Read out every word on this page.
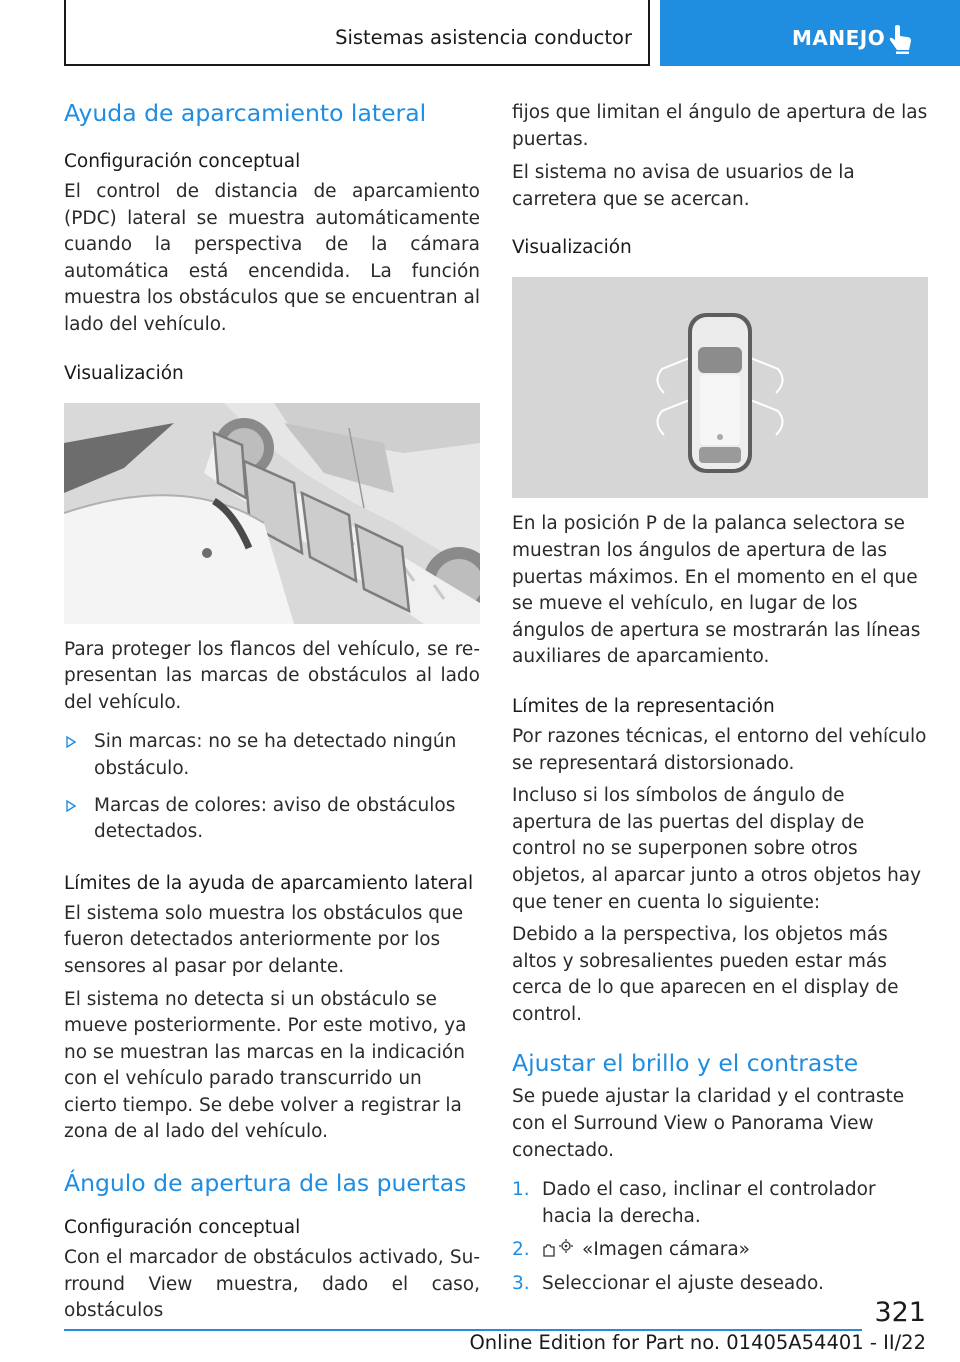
Sistemas asistencia conductor	MANEJO
Ayuda de aparcamiento lateral
Configuración conceptual
El control de distancia de aparcamiento (PDC) lateral se muestra automáticamente cuando la perspectiva de la cámara automática está encendida. La función muestra los obstáculos que se encuentran al lado del vehículo.
Visualización
Para proteger los flancos del vehículo, se representan las marcas de obstáculos al lado del vehículo.
Sin marcas: no se ha detectado ningún obstáculo.
Marcas de colores: aviso de obstáculos detectados.
Límites de la ayuda de aparcamiento lateral
El sistema solo muestra los obstáculos que fueron detectados anteriormente por los sensores al pasar por delante.
El sistema no detecta si un obstáculo se mueve posteriormente. Por este motivo, ya no se muestran las marcas en la indicación con el vehículo parado transcurrido un cierto tiempo. Se debe volver a registrar la zona de al lado del vehículo.
Ángulo de apertura de las puertas
Configuración conceptual
Con el marcador de obstáculos activado, Surround View muestra, dado el caso, obstáculos
fijos que limitan el ángulo de apertura de las puertas.
El sistema no avisa de usuarios de la carretera que se acercan.
Visualización
En la posición P de la palanca selectora se muestran los ángulos de apertura de las puertas máximos. En el momento en el que se mueve el vehículo, en lugar de los ángulos de apertura se mostrarán las líneas auxiliares de aparcamiento.
Límites de la representación
Por razones técnicas, el entorno del vehículo se representará distorsionado.
Incluso si los símbolos de ángulo de apertura de las puertas del display de control no se superponen sobre otros objetos, al aparcar junto a otros objetos hay que tener en cuenta lo siguiente:
Debido a la perspectiva, los objetos más altos y sobresalientes pueden estar más cerca de lo que aparecen en el display de control.
Ajustar el brillo y el contraste
Se puede ajustar la claridad y el contraste con el Surround View o Panorama View conectado.
1. Dado el caso, inclinar el controlador hacia la derecha.
2.	«Imagen cámara»
3. Seleccionar el ajuste deseado.
321
Online Edition for Part no. 01405A54401 - II/22
